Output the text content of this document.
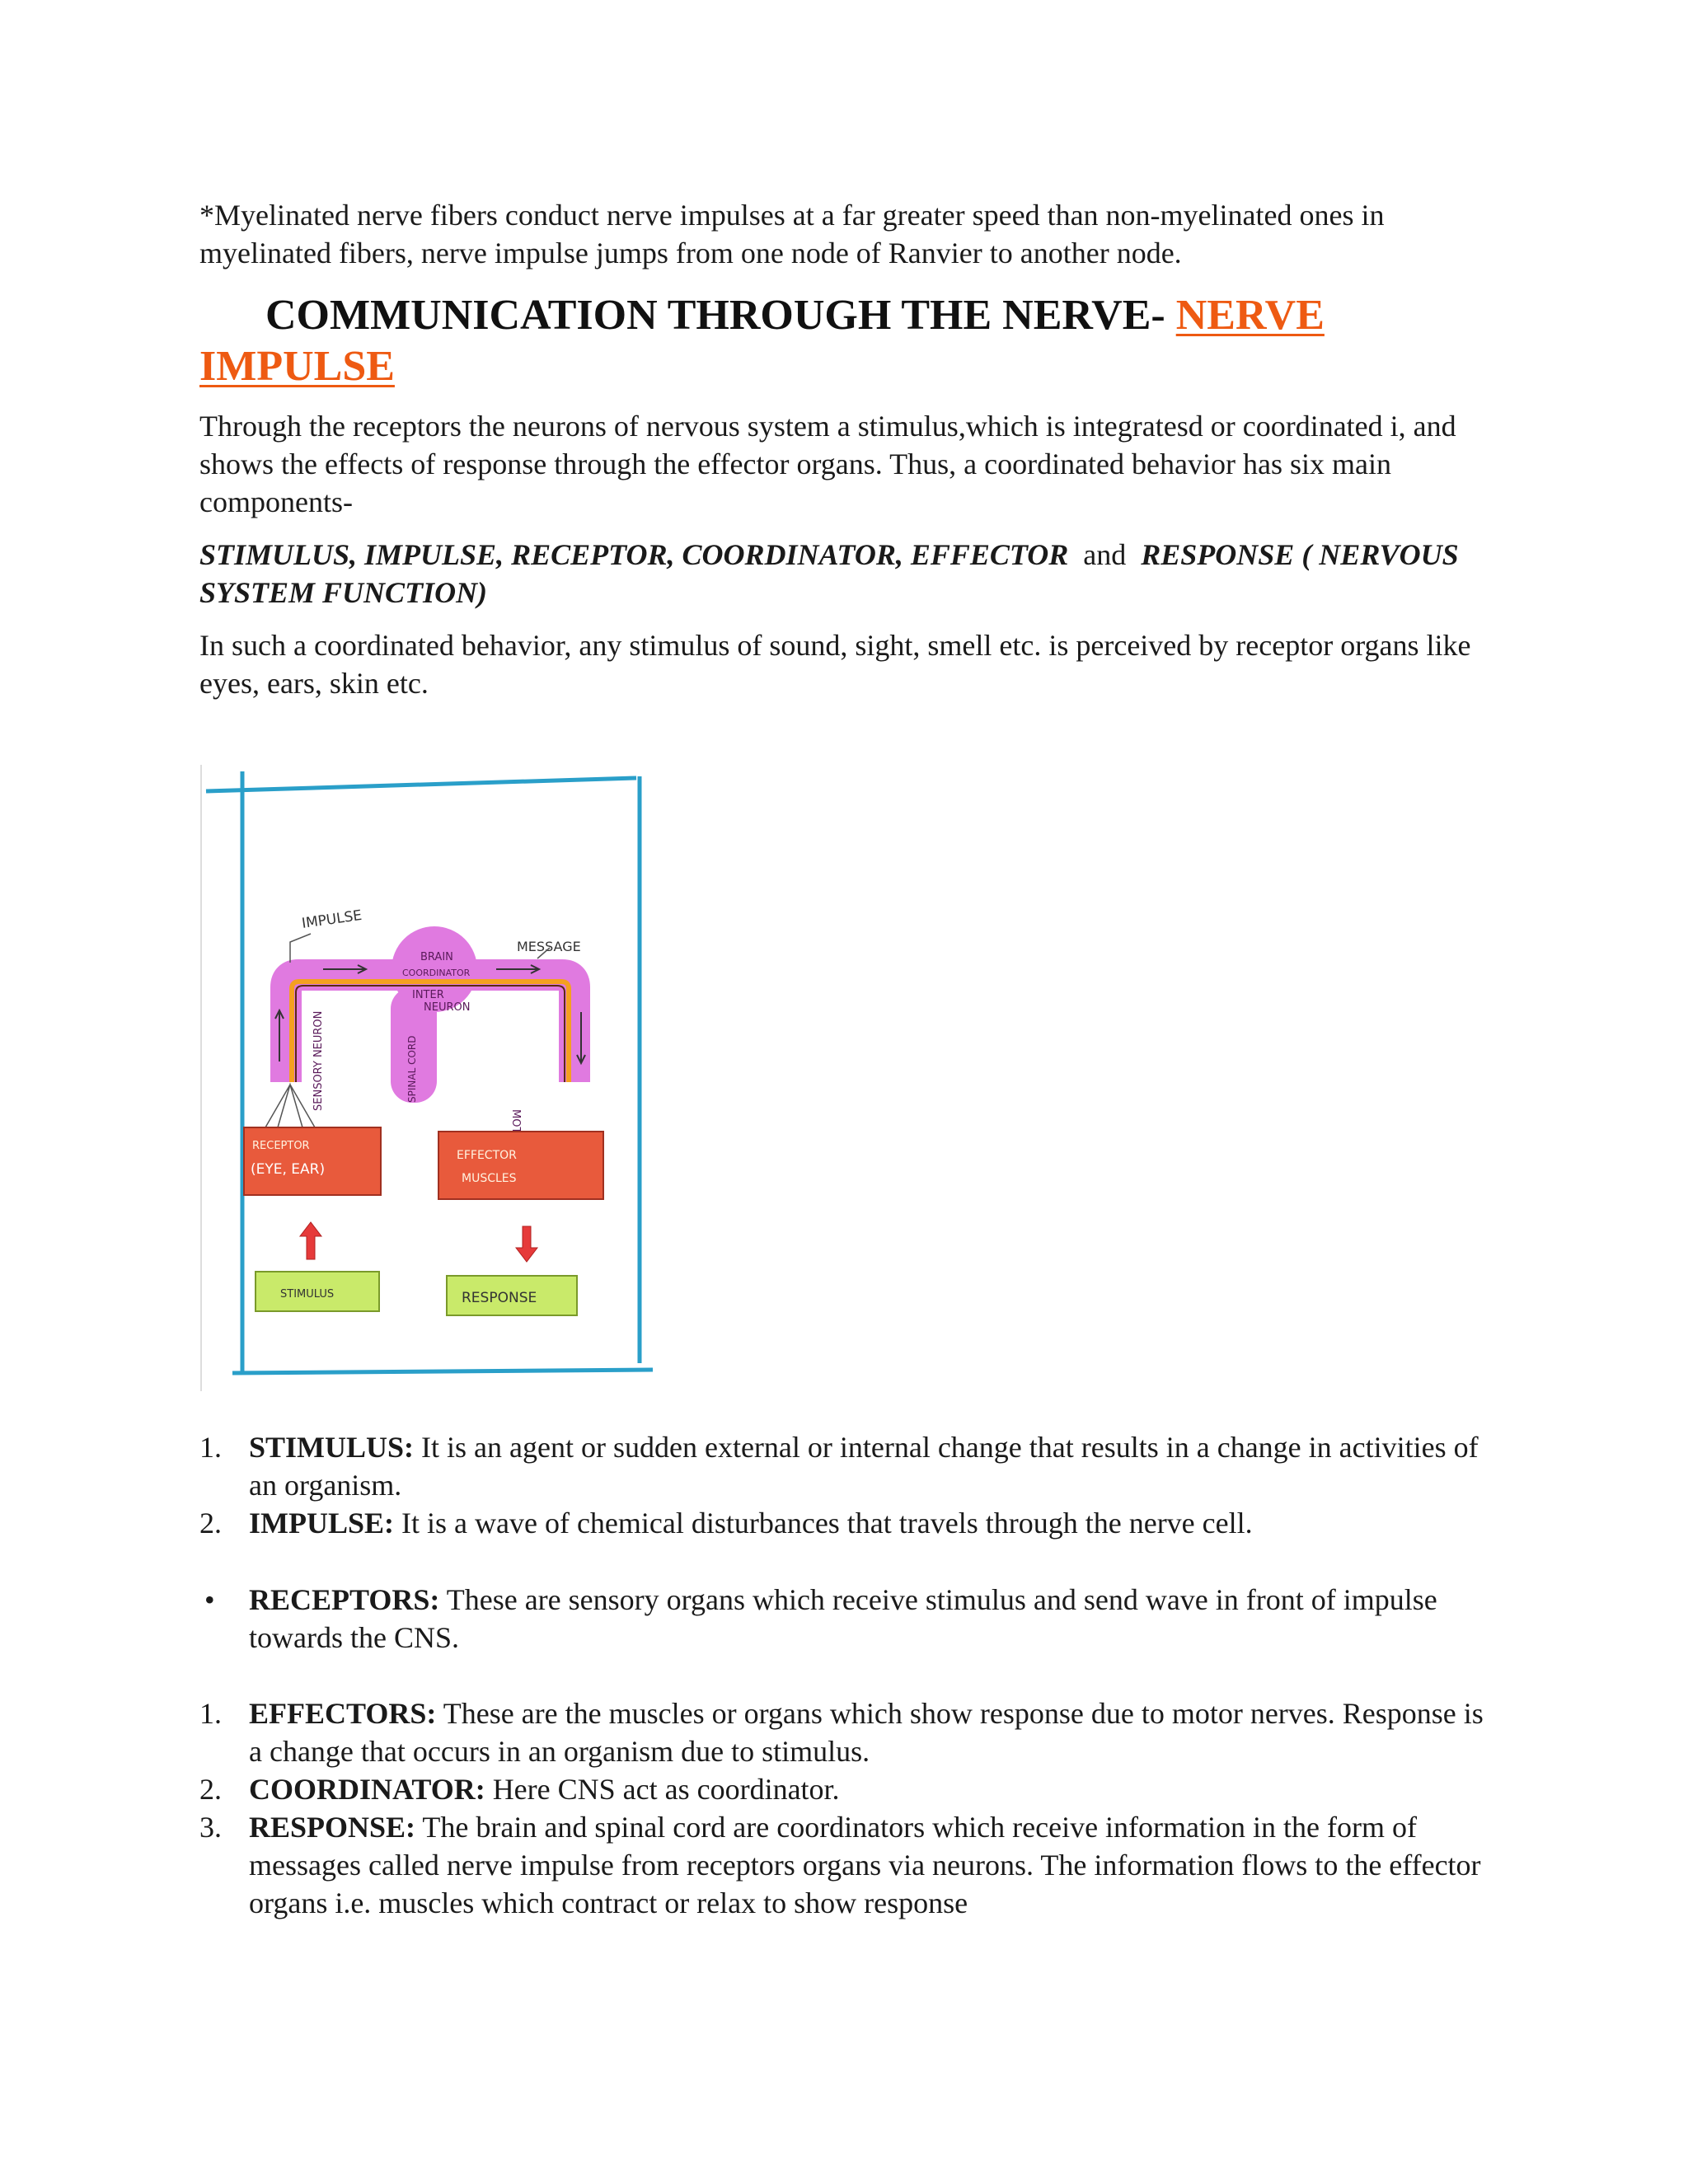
*Myelinated nerve fibers conduct nerve impulses at a far greater speed than non-myelinated ones in myelinated fibers, nerve impulse jumps from one node of Ranvier to another node.

COMMUNICATION THROUGH THE NERVE- NERVE IMPULSE

Through the receptors the neurons of nervous system a stimulus,which is integratesd or coordinated i, and shows the effects of response through the effector organs. Thus, a coordinated behavior has six main components-

STIMULUS, IMPULSE, RECEPTOR, COORDINATOR, EFFECTOR and RESPONSE ( NERVOUS SYSTEM FUNCTION)

In such a coordinated behavior, any stimulus of sound, sight, smell etc. is perceived by receptor organs like eyes, ears, skin etc.

IMPULSE
MESSAGE
BRAIN
COORDINATOR
INTER
NEURON
SENSORY NEURON	SPINAL CORD
RECEPTOR
(EYE, EAR)
EFFECTOR
MUSCLES
STIMULUS	RESPONSE
1. STIMULUS: It is an agent or sudden external or internal change that results in a change in activities of an organism.
2. IMPULSE: It is a wave of chemical disturbances that travels through the nerve cell.
• RECEPTORS: These are sensory organs which receive stimulus and send wave in front of impulse towards the CNS.
1. EFFECTORS: These are the muscles or organs which show response due to motor nerves. Response is a change that occurs in an organism due to stimulus.
2. COORDINATOR: Here CNS act as coordinator.
3. RESPONSE: The brain and spinal cord are coordinators which receive information in the form of messages called nerve impulse from receptors organs via neurons. The information flows to the effector organs i.e. muscles which contract or relax to show response
